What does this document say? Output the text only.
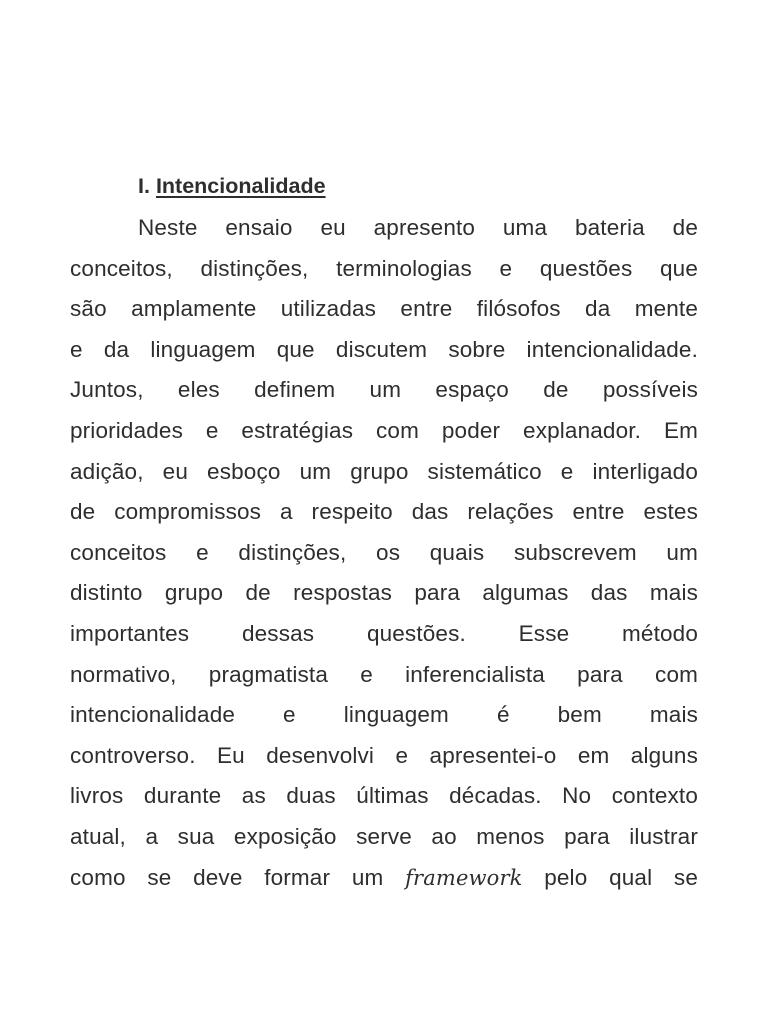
I. Intencionalidade

Neste ensaio eu apresento uma bateria de
conceitos, distinções, terminologias e questões que
são amplamente utilizadas entre filósofos da mente
e da linguagem que discutem sobre intencionalidade.
Juntos, eles definem um espaço de possíveis
prioridades e estratégias com poder explanador. Em
adição, eu esboço um grupo sistemático e interligado
de compromissos a respeito das relações entre estes
conceitos e distinções, os quais subscrevem um
distinto grupo de respostas para algumas das mais
importantes dessas questões. Esse método
normativo, pragmatista e inferencialista para com
intencionalidade e linguagem é bem mais
controverso. Eu desenvolvi e apresentei-o em alguns
livros durante as duas últimas décadas. No contexto
atual, a sua exposição serve ao menos para ilustrar
como se deve formar um framework pelo qual se
